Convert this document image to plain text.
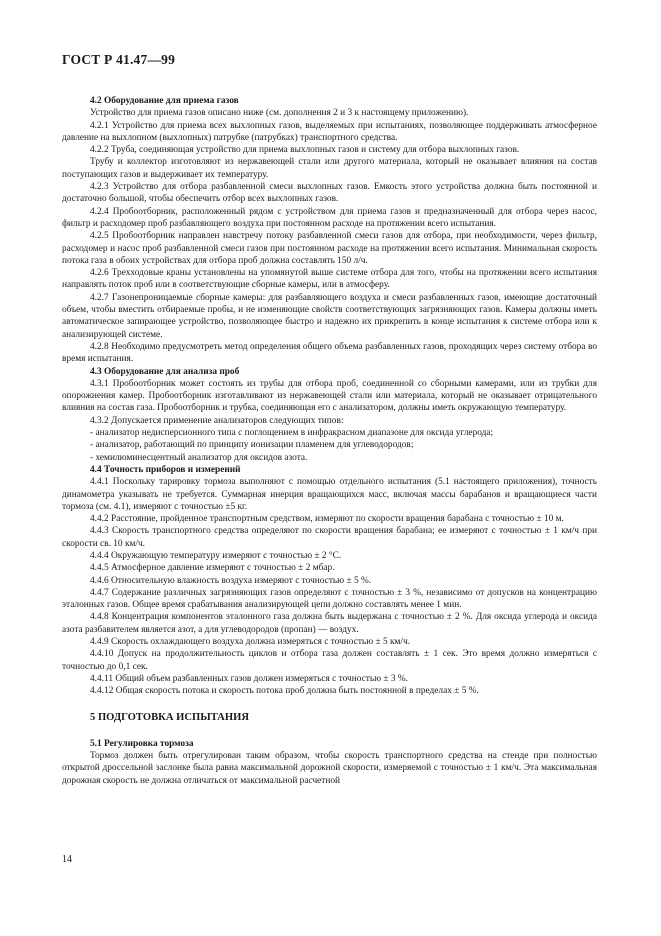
ГОСТ Р 41.47—99

4.2 Оборудование для приема газов

Устройство для приема газов описано ниже (см. дополнения 2 и 3 к настоящему приложению).

4.2.1 Устройство для приема всех выхлопных газов, выделяемых при испытаниях, позволяющее поддерживать атмосферное давление на выхлопном (выхлопных) патрубке (патрубках) транспортного средства.

4.2.2 Труба, соединяющая устройство для приема выхлопных газов и систему для отбора выхлопных газов.

Трубу и коллектор изготовляют из нержавеющей стали или другого материала, который не оказывает влияния на состав поступающих газов и выдерживает их температуру.

4.2.3 Устройство для отбора разбавленной смеси выхлопных газов. Емкость этого устройства должна быть постоянной и достаточно большой, чтобы обеспечить отбор всех выхлопных газов.

4.2.4 Пробоотборник, расположенный рядом с устройством для приема газов и предназначенный для отбора через насос, фильтр и расходомер проб разбавляющего воздуха при постоянном расходе на протяжении всего испытания.

4.2.5 Пробоотборник направлен навстречу потоку разбавленной смеси газов для отбора, при необходимости, через фильтр, расходомер и насос проб разбавленной смеси газов при постоянном расходе на протяжении всего испытания. Минимальная скорость потока газа в обоих устройствах для отбора проб должна составлять 150 л/ч.

4.2.6 Трехходовые краны установлены на упомянутой выше системе отбора для того, чтобы на протяжении всего испытания направлять поток проб или в соответствующие сборные камеры, или в атмосферу.

4.2.7 Газонепроницаемые сборные камеры: для разбавляющего воздуха и смеси разбавленных газов, имеющие достаточный объем, чтобы вместить отбираемые пробы, и не изменяющие свойств соответствующих загрязняющих газов. Камеры должны иметь автоматическое запирающее устройство, позволяющее быстро и надежно их прикрепить в конце испытания к системе отбора или к анализирующей системе.

4.2.8 Необходимо предусмотреть метод определения общего объема разбавленных газов, проходящих через систему отбора во время испытания.

4.3 Оборудование для анализа проб

4.3.1 Пробоотборник может состоять из трубы для отбора проб, соединенной со сборными камерами, или из трубки для опорожнения камер. Пробоотборник изготавливают из нержавеющей стали или материала, который не оказывает отрицательного влияния на состав газа. Пробоотборник и трубка, соединяющая его с анализатором, должны иметь окружающую температуру.

4.3.2 Допускается применение анализаторов следующих типов:

- анализатор недисперсионного типа с поглощением в инфракрасном диапазоне для оксида углерода;

- анализатор, работающий по принципу ионизации пламенем для углеводородов;

- хемилюминесцентный анализатор для оксидов азота.

4.4 Точность приборов и измерений

4.4.1 Поскольку тарировку тормоза выполняют с помощью отдельного испытания (5.1 настоящего приложения), точность динамометра указывать не требуется. Суммарная инерция вращающихся масс, включая массы барабанов и вращающиеся части тормоза (см. 4.1), измеряют с точностью ±5 кг.

4.4.2 Расстояние, пройденное транспортным средством, измеряют по скорости вращения барабана с точностью ± 10 м.

4.4.3 Скорость транспортного средства определяют по скорости вращения барабана; ее измеряют с точностью ± 1 км/ч при скорости св. 10 км/ч.

4.4.4 Окружающую температуру измеряют с точностью ± 2 °С.

4.4.5 Атмосферное давление измеряют с точностью ± 2 мбар.

4.4.6 Относительную влажность воздуха измеряют с точностью ± 5 %.

4.4.7 Содержание различных загрязняющих газов определяют с точностью ± 3 %, независимо от допусков на концентрацию эталонных газов. Общее время срабатывания анализирующей цепи должно составлять менее 1 мин.

4.4.8 Концентрация компонентов эталонного газа должна быть выдержана с точностью ± 2 %. Для оксида углерода и оксида азота разбавителем является азот, а для углеводородов (пропан) — воздух.

4.4.9 Скорость охлаждающего воздуха должна измеряться с точностью ± 5 км/ч.

4.4.10 Допуск на продолжительность циклов и отбора газа должен составлять ± 1 сек. Это время должно измеряться с точностью до 0,1 сек.

4.4.11 Общий объем разбавленных газов должен измеряться с точностью ± 3 %.

4.4.12 Общая скорость потока и скорость потока проб должна быть постоянной в пределах ± 5 %.

5 ПОДГОТОВКА ИСПЫТАНИЯ

5.1 Регулировка тормоза

Тормоз должен быть отрегулирован таким образом, чтобы скорость транспортного средства на стенде при полностью открытой дроссельной заслонке была равна максимальной дорожной скорости, измеряемой с точностью ± 1 км/ч. Эта максимальная дорожная скорость не должна отличаться от максимальной расчетной

14
